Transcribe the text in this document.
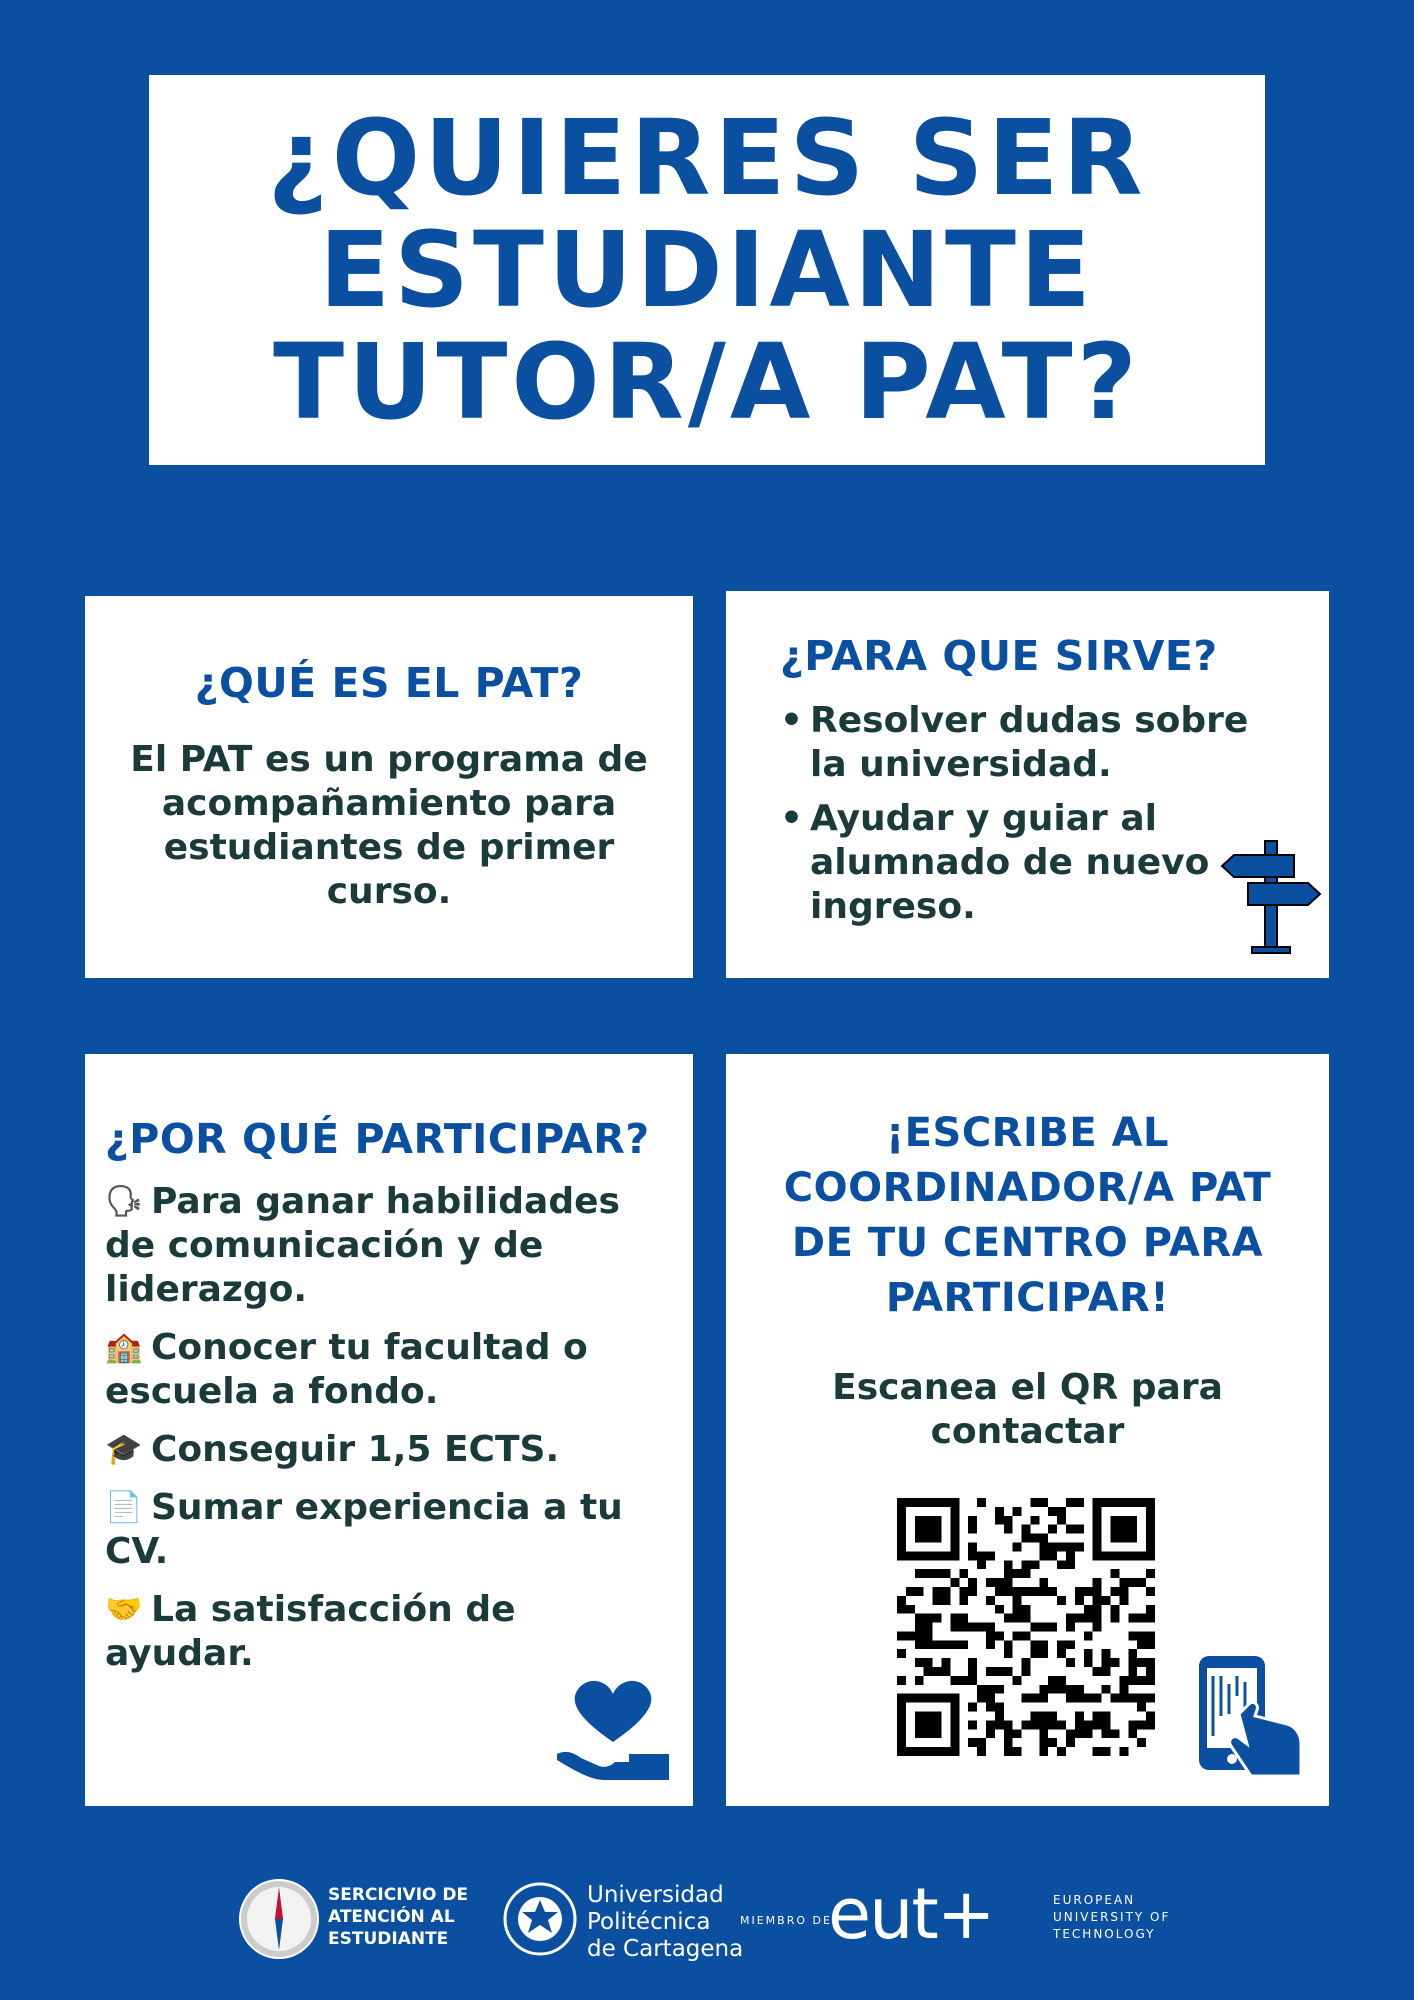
¿QUIERES SER
ESTUDIANTE
TUTOR/A PAT?
¿QUÉ ES EL PAT?
El PAT es un programa de
acompañamiento para
estudiantes de primer
curso.
¿PARA QUE SIRVE?
• Resolver dudas sobre la universidad.
• Ayudar y guiar al alumnado de nuevo ingreso.
¿POR QUÉ PARTICIPAR?
🗣 Para ganar habilidades de comunicación y de liderazgo.
🏫 Conocer tu facultad o escuela a fondo.
🎓 Conseguir 1,5 ECTS.
📄 Sumar experiencia a tu CV.
🤝 La satisfacción de ayudar.
¡ESCRIBE AL
COORDINADOR/A PAT
DE TU CENTRO PARA
PARTICIPAR!
Escanea el QR para
contactar
SERCICIVIO DE
ATENCIÓN AL
ESTUDIANTE
Universidad
Politécnica
de Cartagena
MIEMBRO DE
eut+	EUROPEAN
UNIVERSITY OF
TECHNOLOGY
